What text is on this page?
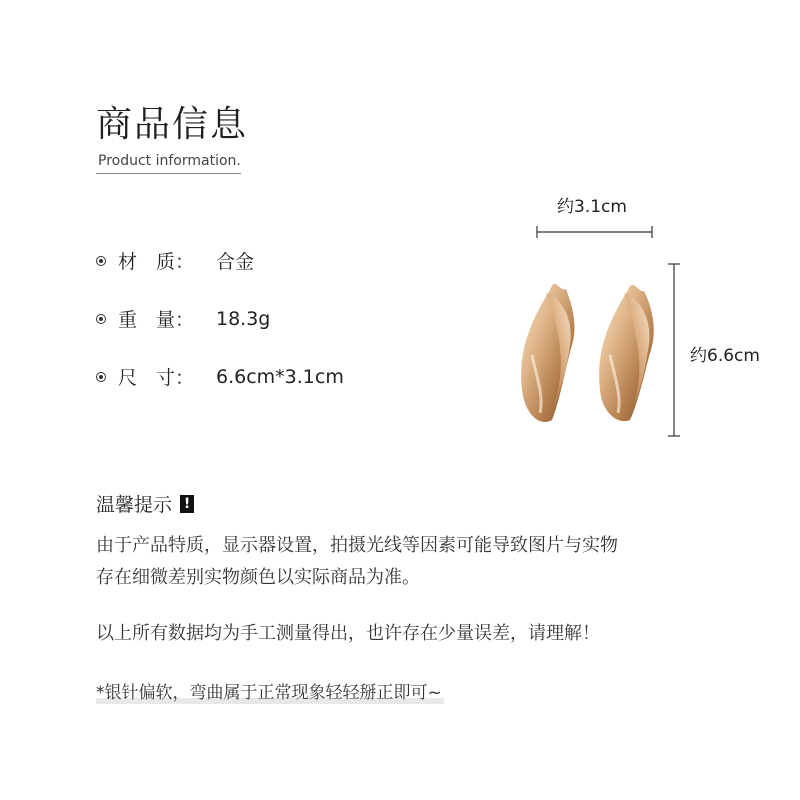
商品信息
Product information.
材　质：	合金
重　量：	18.3g
尺　寸：	6.6cm*3.1cm
约3.1cm
约6.6cm
温馨提示 !
由于产品特质，显示器设置，拍摄光线等因素可能导致图片与实物
存在细微差别实物颜色以实际商品为准。
以上所有数据均为手工测量得出，也许存在少量误差，请理解！
*银针偏软，弯曲属于正常现象轻轻掰正即可~
